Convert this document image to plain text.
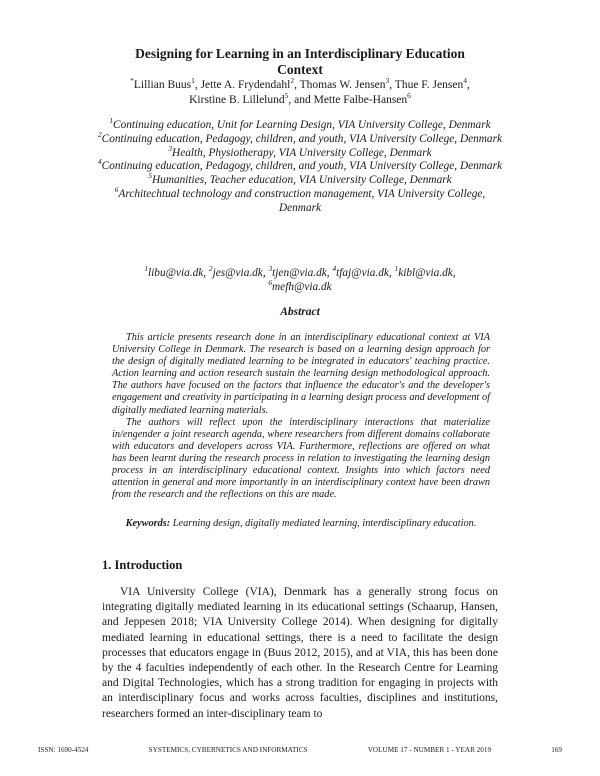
Designing for Learning in an Interdisciplinary Education
Context
*Lillian Buus$^1$, Jette A. Frydendahl$^2$, Thomas W. Jensen$^3$, Thue F. Jensen$^4$,
Kirstine B. Lillelund$^5$, and Mette Falbe-Hansen$^6$
$^1$Continuing education, Unit for Learning Design, VIA University College, Denmark
$^2$Continuing education, Pedagogy, children, and youth, VIA University College, Denmark
$^3$Health, Physiotherapy, VIA University College, Denmark
$^4$Continuing education, Pedagogy, children, and youth, VIA University College, Denmark
$^5$Humanities, Teacher education, VIA University College, Denmark
$^6$Architechtual technology and construction management, VIA University College, Denmark
$^1$libu@via.dk, $^2$jes@via.dk, $^3$tjen@via.dk, $^4$tfaj@via.dk, $^1$kibl@via.dk,
$^6$mefh@via.dk
Abstract

This article presents research done in an interdisciplinary educational context at VIA University College in Denmark. The research is based on a learning design approach for the design of digitally mediated learning to be integrated in educators' teaching practice. Action learning and action research sustain the learning design methodological approach. The authors have focused on the factors that influence the educator's and the developer's engagement and creativity in participating in a learning design process and development of digitally mediated learning materials.

The authors will reflect upon the interdisciplinary interactions that materialize in/engender a joint research agenda, where researchers from different domains collaborate with educators and developers across VIA. Furthermore, reflections are offered on what has been learnt during the research process in relation to investigating the learning design process in an interdisciplinary educational context. Insights into which factors need attention in general and more importantly in an interdisciplinary context have been drawn from the research and the reflections on this are made.

Keywords: Learning design, digitally mediated learning, interdisciplinary education.
1. Introduction

VIA University College (VIA), Denmark has a generally strong focus on integrating digitally mediated learning in its educational settings (Schaarup, Hansen, and Jeppesen 2018; VIA University College 2014). When designing for digitally mediated learning in educational settings, there is a need to facilitate the design processes that educators engage in (Buus 2012, 2015), and at VIA, this has been done by the 4 faculties independently of each other. In the Research Centre for Learning and Digital Technologies, which has a strong tradition for engaging in projects with an interdisciplinary focus and works across faculties, disciplines and institutions, researchers formed an inter-disciplinary team to

ISSN: 1690-4524	SYSTEMICS, CYBERNETICS AND INFORMATICS	VOLUME 17 - NUMBER 1 - YEAR 2019	169
